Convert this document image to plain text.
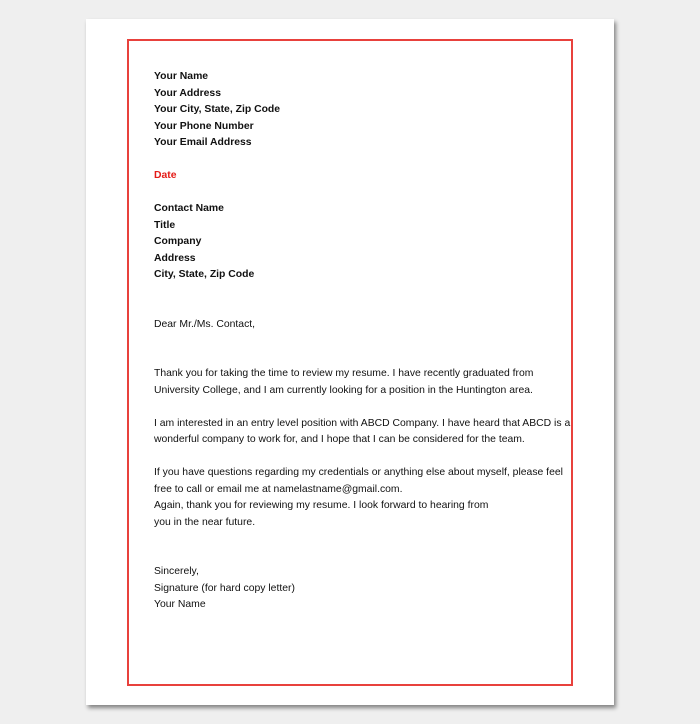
Your Name
Your Address
Your City, State, Zip Code
Your Phone Number
Your Email Address
Date
Contact Name
Title
Company
Address
City, State, Zip Code
Dear Mr./Ms. Contact,
Thank you for taking the time to review my resume. I have recently graduated from
University College, and I am currently looking for a position in the Huntington area.
I am interested in an entry level position with ABCD Company. I have heard that ABCD is a
wonderful company to work for, and I hope that I can be considered for the team.
If you have questions regarding my credentials or anything else about myself, please feel
free to call or email me at namelastname@gmail.com.
Again, thank you for reviewing my resume. I look forward to hearing from
you in the near future.
Sincerely,
Signature (for hard copy letter)
Your Name
